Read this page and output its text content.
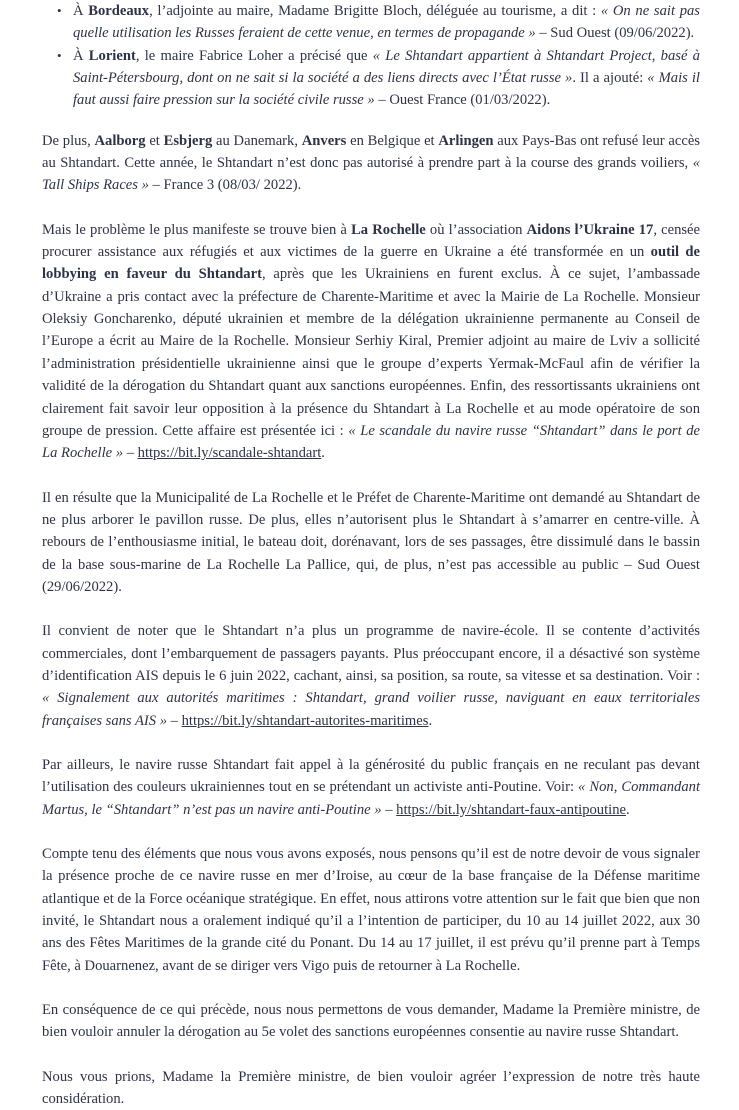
• À Bordeaux, l’adjointe au maire, Madame Brigitte Bloch, déléguée au tourisme, a dit : « On ne sait pas quelle utilisation les Russes feraient de cette venue, en termes de propagande » – Sud Ouest (09/06/2022).
• À Lorient, le maire Fabrice Loher a précisé que « Le Shtandart appartient à Shtandart Project, basé à Saint-Pétersbourg, dont on ne sait si la société a des liens directs avec l’État russe ». Il a ajouté: « Mais il faut aussi faire pression sur la société civile russe » – Ouest France (01/03/2022).

De plus, Aalborg et Esbjerg au Danemark, Anvers en Belgique et Arlingen aux Pays-Bas ont refusé leur accès au Shtandart. Cette année, le Shtandart n’est donc pas autorisé à prendre part à la course des grands voiliers, « Tall Ships Races » – France 3 (08/03/ 2022).

Mais le problème le plus manifeste se trouve bien à La Rochelle où l’association Aidons l’Ukraine 17, censée procurer assistance aux réfugiés et aux victimes de la guerre en Ukraine a été transformée en un outil de lobbying en faveur du Shtandart, après que les Ukrainiens en furent exclus. À ce sujet, l’ambassade d’Ukraine a pris contact avec la préfecture de Charente-Maritime et avec la Mairie de La Rochelle. Monsieur Oleksiy Goncharenko, député ukrainien et membre de la délégation ukrainienne permanente au Conseil de l’Europe a écrit au Maire de la Rochelle. Monsieur Serhiy Kiral, Premier adjoint au maire de Lviv a sollicité l’administration présidentielle ukrainienne ainsi que le groupe d’experts Yermak-McFaul afin de vérifier la validité de la dérogation du Shtandart quant aux sanctions européennes. Enfin, des ressortissants ukrainiens ont clairement fait savoir leur opposition à la présence du Shtandart à La Rochelle et au mode opératoire de son groupe de pression. Cette affaire est présentée ici : « Le scandale du navire russe “Shtandart” dans le port de La Rochelle » – https://bit.ly/scandale-shtandart.

Il en résulte que la Municipalité de La Rochelle et le Préfet de Charente-Maritime ont demandé au Shtandart de ne plus arborer le pavillon russe. De plus, elles n’autorisent plus le Shtandart à s’amarrer en centre-ville. À rebours de l’enthousiasme initial, le bateau doit, dorénavant, lors de ses passages, être dissimulé dans le bassin de la base sous-marine de La Rochelle La Pallice, qui, de plus, n’est pas accessible au public – Sud Ouest (29/06/2022).

Il convient de noter que le Shtandart n’a plus un programme de navire-école. Il se contente d’activités commerciales, dont l’embarquement de passagers payants. Plus préoccupant encore, il a désactivé son système d’identification AIS depuis le 6 juin 2022, cachant, ainsi, sa position, sa route, sa vitesse et sa destination. Voir : « Signalement aux autorités maritimes : Shtandart, grand voilier russe, naviguant en eaux territoriales françaises sans AIS » – https://bit.ly/shtandart-autorites-maritimes.

Par ailleurs, le navire russe Shtandart fait appel à la générosité du public français en ne reculant pas devant l’utilisation des couleurs ukrainiennes tout en se prétendant un activiste anti-Poutine. Voir: « Non, Commandant Martus, le “Shtandart” n’est pas un navire anti-Poutine » – https://bit.ly/shtandart-faux-antipoutine.

Compte tenu des éléments que nous vous avons exposés, nous pensons qu’il est de notre devoir de vous signaler la présence proche de ce navire russe en mer d’Iroise, au cœur de la base française de la Défense maritime atlantique et de la Force océanique stratégique. En effet, nous attirons votre attention sur le fait que bien que non invité, le Shtandart nous a oralement indiqué qu’il a l’intention de participer, du 10 au 14 juillet 2022, aux 30 ans des Fêtes Maritimes de la grande cité du Ponant. Du 14 au 17 juillet, il est prévu qu’il prenne part à Temps Fête, à Douarnenez, avant de se diriger vers Vigo puis de retourner à La Rochelle.

En conséquence de ce qui précède, nous nous permettons de vous demander, Madame la Première ministre, de bien vouloir annuler la dérogation au 5e volet des sanctions européennes consentie au navire russe Shtandart.

Nous vous prions, Madame la Première ministre, de bien vouloir agréer l’expression de notre très haute considération.
